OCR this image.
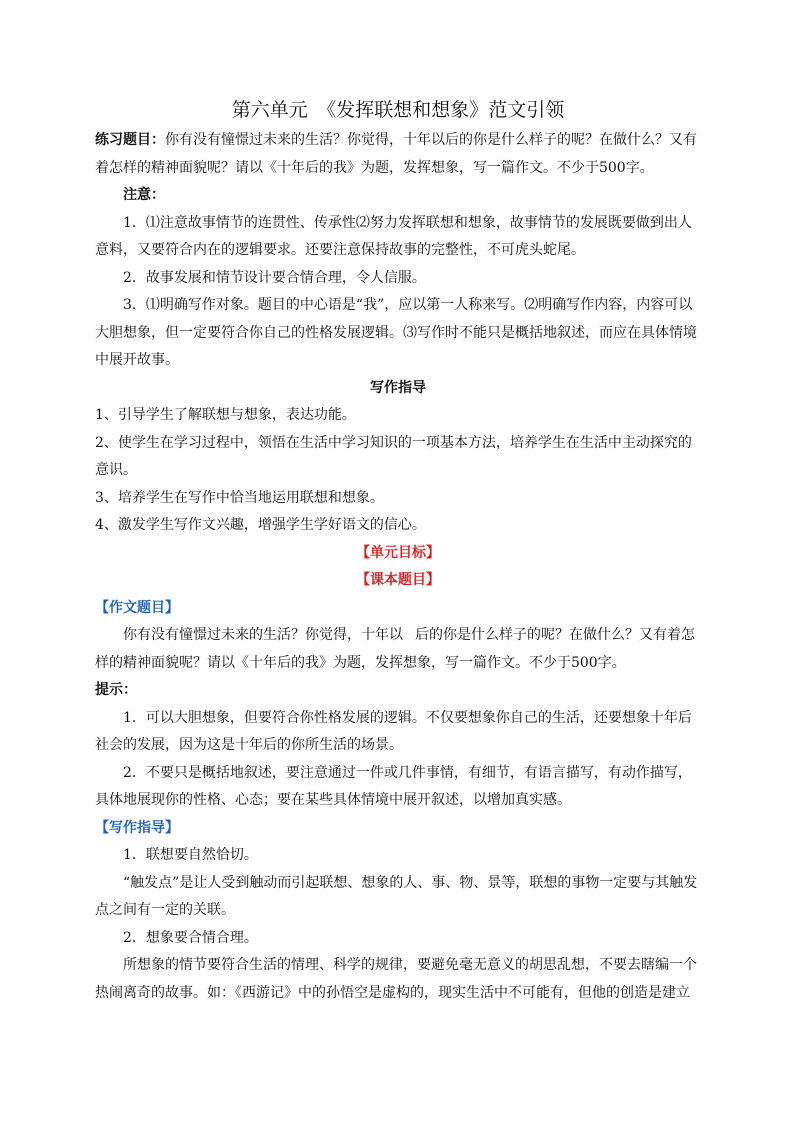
第六单元　《发挥联想和想象》范文引领

练习题目：你有没有憧憬过未来的生活？你觉得，十年以后的你是什么样子的呢？在做什么？又有着怎样的精神面貌呢？请以《十年后的我》为题，发挥想象，写一篇作文。不少于500字。

注意：

1．⑴注意故事情节的连贯性、传承性⑵努力发挥联想和想象，故事情节的发展既要做到出人意料，又要符合内在的逻辑要求。还要注意保持故事的完整性，不可虎头蛇尾。

2．故事发展和情节设计要合情合理，令人信服。

3．⑴明确写作对象。题目的中心语是“我”，应以第一人称来写。⑵明确写作内容，内容可以大胆想象，但一定要符合你自己的性格发展逻辑。⑶写作时不能只是概括地叙述，而应在具体情境中展开故事。

写作指导

1、引导学生了解联想与想象，表达功能。

2、使学生在学习过程中，领悟在生活中学习知识的一项基本方法，培养学生在生活中主动探究的意识。

3、培养学生在写作中恰当地运用联想和想象。

4、激发学生写作文兴趣，增强学生学好语文的信心。

【单元目标】

【课本题目】

【作文题目】

你有没有憧憬过未来的生活？你觉得，十年以 后的你是什么样子的呢？在做什么？又有着怎样的精神面貌呢？请以《十年后的我》为题，发挥想象，写一篇作文。不少于500字。

提示：

1．可以大胆想象，但要符合你性格发展的逻辑。不仅要想象你自己的生活，还要想象十年后社会的发展，因为这是十年后的你所生活的场景。

2．不要只是概括地叙述，要注意通过一件或几件事情，有细节，有语言描写，有动作描写，具体地展现你的性格、心态；要在某些具体情境中展开叙述，以增加真实感。

【写作指导】

1．联想要自然恰切。

“触发点”是让人受到触动而引起联想、想象的人、事、物、景等，联想的事物一定要与其触发点之间有一定的关联。

2．想象要合情合理。

所想象的情节要符合生活的情理、科学的规律，要避免毫无意义的胡思乱想，不要去瞎编一个热闹离奇的故事。如：《西游记》中的孙悟空是虚构的，现实生活中不可能有，但他的创造是建立
